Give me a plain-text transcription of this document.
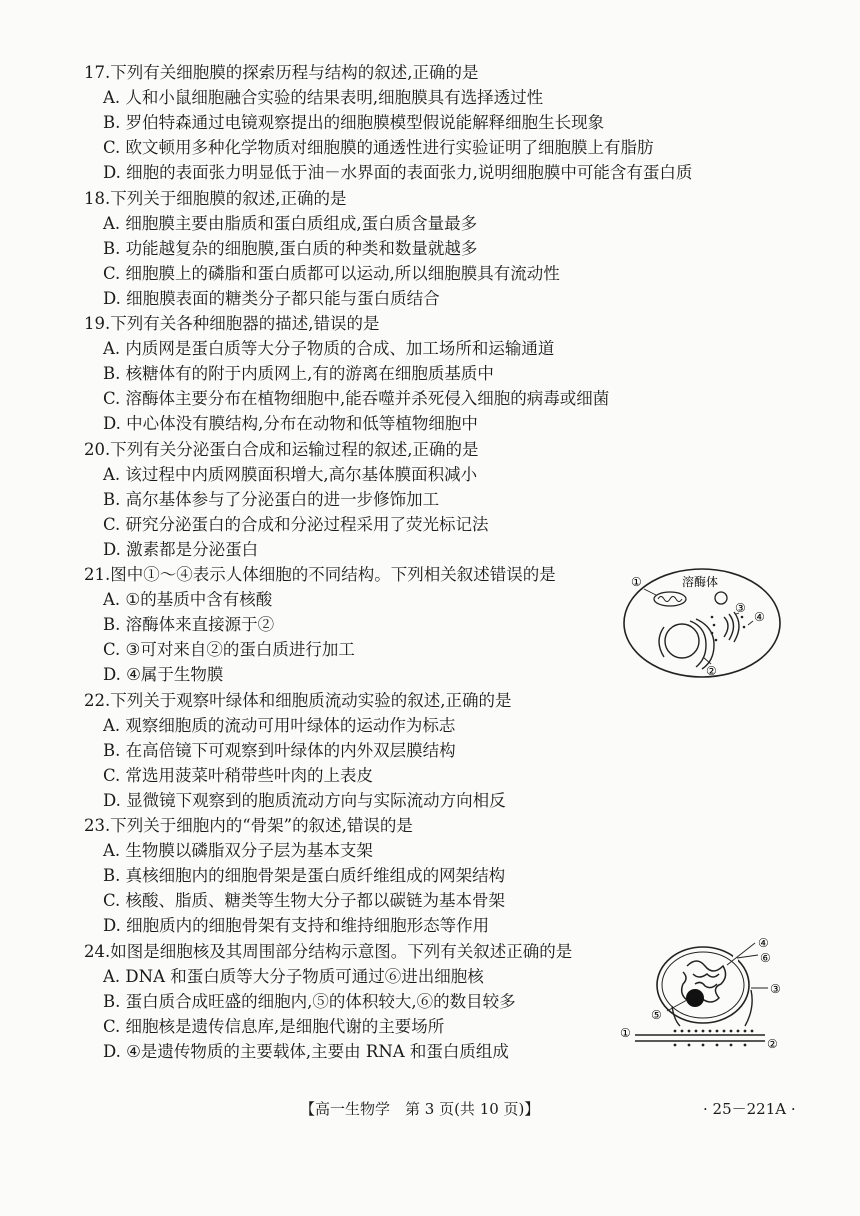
17.下列有关细胞膜的探索历程与结构的叙述,正确的是
A. 人和小鼠细胞融合实验的结果表明,细胞膜具有选择透过性
B. 罗伯特森通过电镜观察提出的细胞膜模型假说能解释细胞生长现象
C. 欧文顿用多种化学物质对细胞膜的通透性进行实验证明了细胞膜上有脂肪
D. 细胞的表面张力明显低于油－水界面的表面张力,说明细胞膜中可能含有蛋白质
18.下列关于细胞膜的叙述,正确的是
A. 细胞膜主要由脂质和蛋白质组成,蛋白质含量最多
B. 功能越复杂的细胞膜,蛋白质的种类和数量就越多
C. 细胞膜上的磷脂和蛋白质都可以运动,所以细胞膜具有流动性
D. 细胞膜表面的糖类分子都只能与蛋白质结合
19.下列有关各种细胞器的描述,错误的是
A. 内质网是蛋白质等大分子物质的合成、加工场所和运输通道
B. 核糖体有的附于内质网上,有的游离在细胞质基质中
C. 溶酶体主要分布在植物细胞中,能吞噬并杀死侵入细胞的病毒或细菌
D. 中心体没有膜结构,分布在动物和低等植物细胞中
20.下列有关分泌蛋白合成和运输过程的叙述,正确的是
A. 该过程中内质网膜面积增大,高尔基体膜面积减小
B. 高尔基体参与了分泌蛋白的进一步修饰加工
C. 研究分泌蛋白的合成和分泌过程采用了荧光标记法
D. 激素都是分泌蛋白
21.图中①～④表示人体细胞的不同结构。下列相关叙述错误的是
A. ①的基质中含有核酸
B. 溶酶体来直接源于②
C. ③可对来自②的蛋白质进行加工
D. ④属于生物膜
22.下列关于观察叶绿体和细胞质流动实验的叙述,正确的是
A. 观察细胞质的流动可用叶绿体的运动作为标志
B. 在高倍镜下可观察到叶绿体的内外双层膜结构
C. 常选用菠菜叶稍带些叶肉的上表皮
D. 显微镜下观察到的胞质流动方向与实际流动方向相反
23.下列关于细胞内的“骨架”的叙述,错误的是
A. 生物膜以磷脂双分子层为基本支架
B. 真核细胞内的细胞骨架是蛋白质纤维组成的网架结构
C. 核酸、脂质、糖类等生物大分子都以碳链为基本骨架
D. 细胞质内的细胞骨架有支持和维持细胞形态等作用
24.如图是细胞核及其周围部分结构示意图。下列有关叙述正确的是
A. DNA 和蛋白质等大分子物质可通过⑥进出细胞核
B. 蛋白质合成旺盛的细胞内,⑤的体积较大,⑥的数目较多
C. 细胞核是遗传信息库,是细胞代谢的主要场所
D. ④是遗传物质的主要载体,主要由 RNA 和蛋白质组成
①	溶酶体
③
④
②
④
⑥
③
⑤
①
②
【高一生物学　第 3 页(共 10 页)】	· 25－221A ·
